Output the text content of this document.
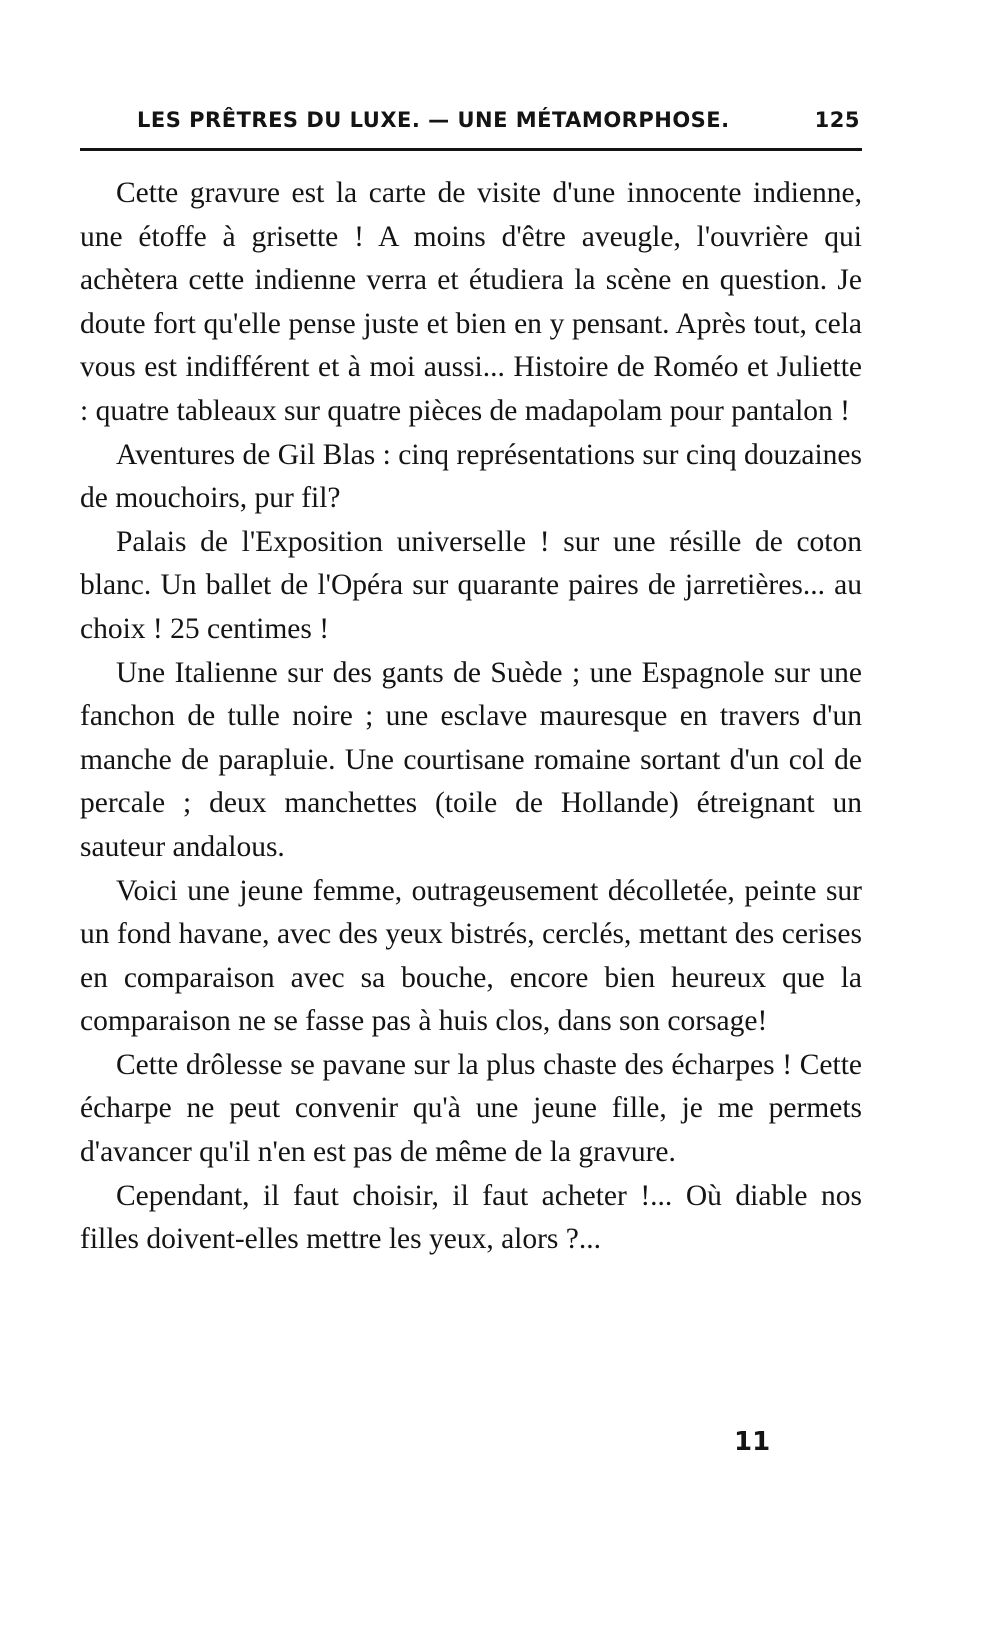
LES PRÊTRES DU LUXE. — UNE MÉTAMORPHOSE.	125

Cette gravure est la carte de visite d'une innocente indienne, une étoffe à grisette ! A moins d'être aveugle, l'ouvrière qui achètera cette indienne verra et étudiera la scène en question. Je doute fort qu'elle pense juste et bien en y pensant. Après tout, cela vous est indifférent et à moi aussi... Histoire de Roméo et Juliette : quatre tableaux sur quatre pièces de madapolam pour pantalon !

Aventures de Gil Blas : cinq représentations sur cinq douzaines de mouchoirs, pur fil?

Palais de l'Exposition universelle ! sur une résille de coton blanc. Un ballet de l'Opéra sur quarante paires de jarretières... au choix ! 25 centimes !

Une Italienne sur des gants de Suède ; une Espagnole sur une fanchon de tulle noire ; une esclave mauresque en travers d'un manche de parapluie. Une courtisane romaine sortant d'un col de percale ; deux manchettes (toile de Hollande) étreignant un sauteur andalous.

Voici une jeune femme, outrageusement décolletée, peinte sur un fond havane, avec des yeux bistrés, cerclés, mettant des cerises en comparaison avec sa bouche, encore bien heureux que la comparaison ne se fasse pas à huis clos, dans son corsage!

Cette drôlesse se pavane sur la plus chaste des écharpes ! Cette écharpe ne peut convenir qu'à une jeune fille, je me permets d'avancer qu'il n'en est pas de même de la gravure.

Cependant, il faut choisir, il faut acheter !... Où diable nos filles doivent-elles mettre les yeux, alors ?...

11
